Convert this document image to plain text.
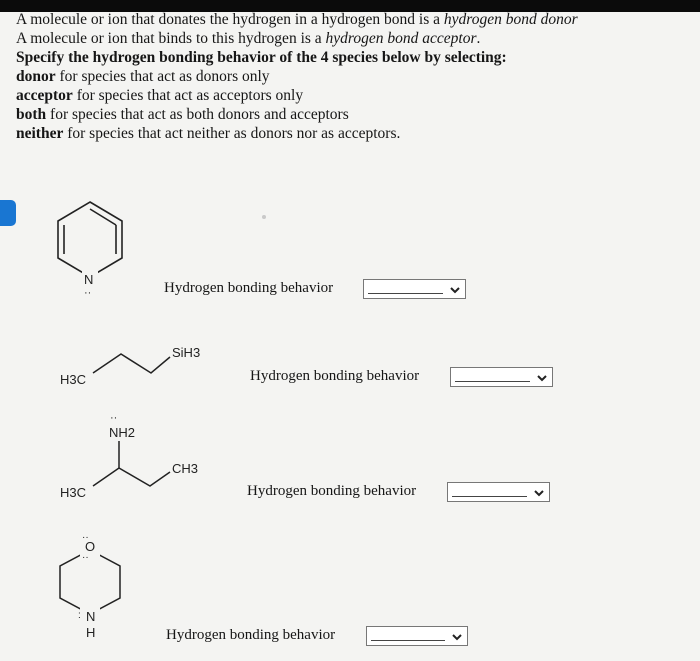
A molecule or ion that donates the hydrogen in a hydrogen bond is a hydrogen bond donor
A molecule or ion that binds to this hydrogen is a hydrogen bond acceptor.
Specify the hydrogen bonding behavior of the 4 species below by selecting:
donor for species that act as donors only
acceptor for species that act as acceptors only
both for species that act as both donors and acceptors
neither for species that act neither as donors nor as acceptors.
N
··
H3C
SiH3
··
NH2
H3C
CH3
O
··
··
N
H
:
Hydrogen bonding behavior
Hydrogen bonding behavior
Hydrogen bonding behavior
Hydrogen bonding behavior
